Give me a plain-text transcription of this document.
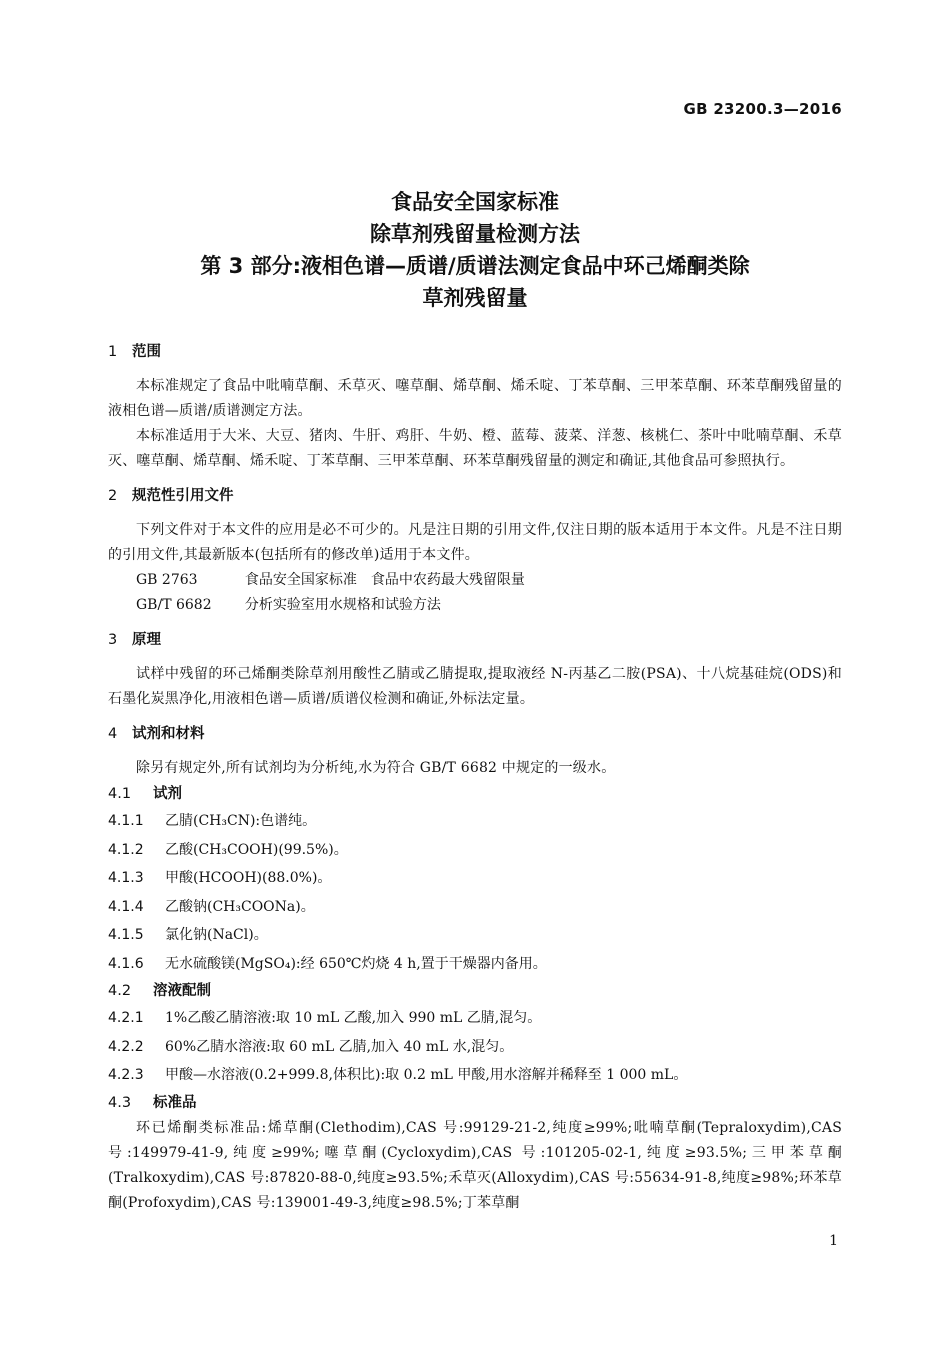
GB 23200.3—2016
食品安全国家标准
除草剂残留量检测方法
第 3 部分:液相色谱—质谱/质谱法测定食品中环己烯酮类除
草剂残留量
1 范围
本标准规定了食品中吡喃草酮、禾草灭、噻草酮、烯草酮、烯禾啶、丁苯草酮、三甲苯草酮、环苯草酮残留量的液相色谱—质谱/质谱测定方法。
本标准适用于大米、大豆、猪肉、牛肝、鸡肝、牛奶、橙、蓝莓、菠菜、洋葱、核桃仁、茶叶中吡喃草酮、禾草灭、噻草酮、烯草酮、烯禾啶、丁苯草酮、三甲苯草酮、环苯草酮残留量的测定和确证,其他食品可参照执行。
2 规范性引用文件
下列文件对于本文件的应用是必不可少的。凡是注日期的引用文件,仅注日期的版本适用于本文件。凡是不注日期的引用文件,其最新版本(包括所有的修改单)适用于本文件。
GB 2763	食品安全国家标准　食品中农药最大残留限量
GB/T 6682 分析实验室用水规格和试验方法
3 原理
试样中残留的环己烯酮类除草剂用酸性乙腈或乙腈提取,提取液经 N-丙基乙二胺(PSA)、十八烷基硅烷(ODS)和石墨化炭黑净化,用液相色谱—质谱/质谱仪检测和确证,外标法定量。
4 试剂和材料
除另有规定外,所有试剂均为分析纯,水为符合 GB/T 6682 中规定的一级水。
4.1 试剂
4.1.1 乙腈(CH₃CN):色谱纯。
4.1.2 乙酸(CH₃COOH)(99.5%)。
4.1.3 甲酸(HCOOH)(88.0%)。
4.1.4 乙酸钠(CH₃COONa)。
4.1.5 氯化钠(NaCl)。
4.1.6 无水硫酸镁(MgSO₄):经 650℃灼烧 4 h,置于干燥器内备用。
4.2 溶液配制
4.2.1 1%乙酸乙腈溶液:取 10 mL 乙酸,加入 990 mL 乙腈,混匀。
4.2.2 60%乙腈水溶液:取 60 mL 乙腈,加入 40 mL 水,混匀。
4.2.3 甲酸—水溶液(0.2+999.8,体积比):取 0.2 mL 甲酸,用水溶解并稀释至 1 000 mL。
4.3 标准品
环已烯酮类标准品:烯草酮(Clethodim),CAS 号:99129-21-2,纯度≥99%;吡喃草酮(Tepraloxydim),CAS 号:149979-41-9,纯度≥99%;噻草酮(Cycloxydim),CAS 号:101205-02-1,纯度≥93.5%;三甲苯草酮(Tralkoxydim),CAS 号:87820-88-0,纯度≥93.5%;禾草灭(Alloxydim),CAS 号:55634-91-8,纯度≥98%;环苯草酮(Profoxydim),CAS 号:139001-49-3,纯度≥98.5%;丁苯草酮
1
